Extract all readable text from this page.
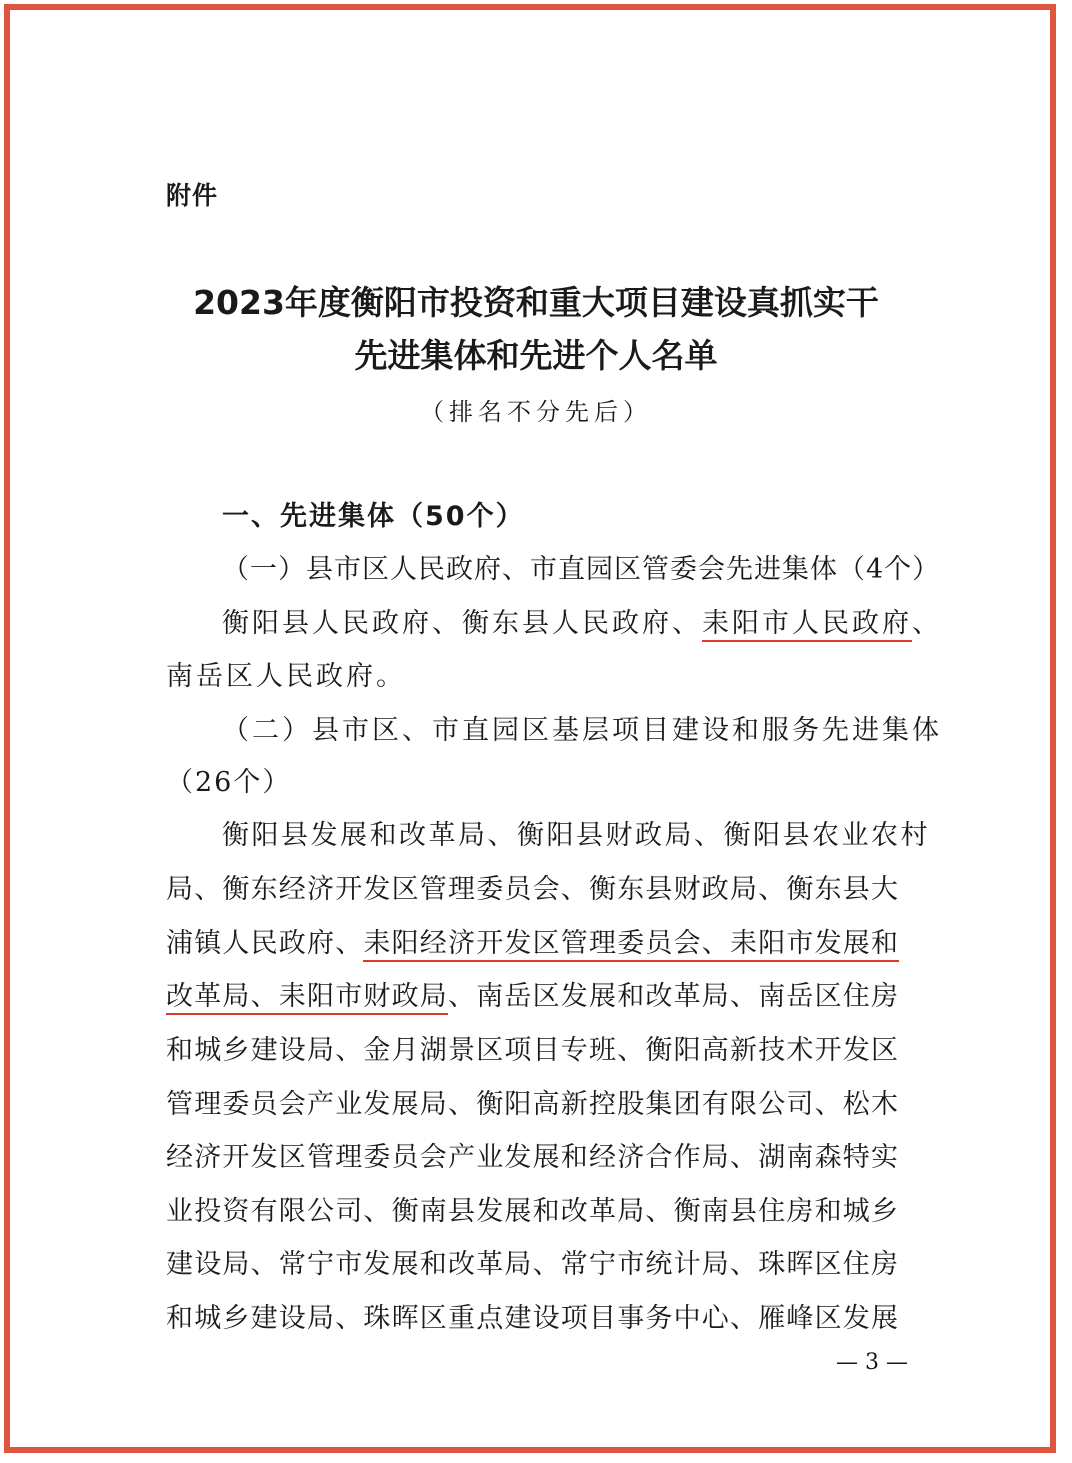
附件
2023年度衡阳市投资和重大项目建设真抓实干
先进集体和先进个人名单
（排名不分先后）
一、先进集体（50个）
（一）县市区人民政府、市直园区管委会先进集体（4个）
衡阳县人民政府、衡东县人民政府、耒阳市人民政府、
南岳区人民政府。
（二）县市区、市直园区基层项目建设和服务先进集体
（26个）
衡阳县发展和改革局、衡阳县财政局、衡阳县农业农村
局、衡东经济开发区管理委员会、衡东县财政局、衡东县大
浦镇人民政府、耒阳经济开发区管理委员会、耒阳市发展和
改革局、耒阳市财政局、南岳区发展和改革局、南岳区住房
和城乡建设局、金月湖景区项目专班、衡阳高新技术开发区
管理委员会产业发展局、衡阳高新控股集团有限公司、松木
经济开发区管理委员会产业发展和经济合作局、湖南森特实
业投资有限公司、衡南县发展和改革局、衡南县住房和城乡
建设局、常宁市发展和改革局、常宁市统计局、珠晖区住房
和城乡建设局、珠晖区重点建设项目事务中心、雁峰区发展
— 3 —
